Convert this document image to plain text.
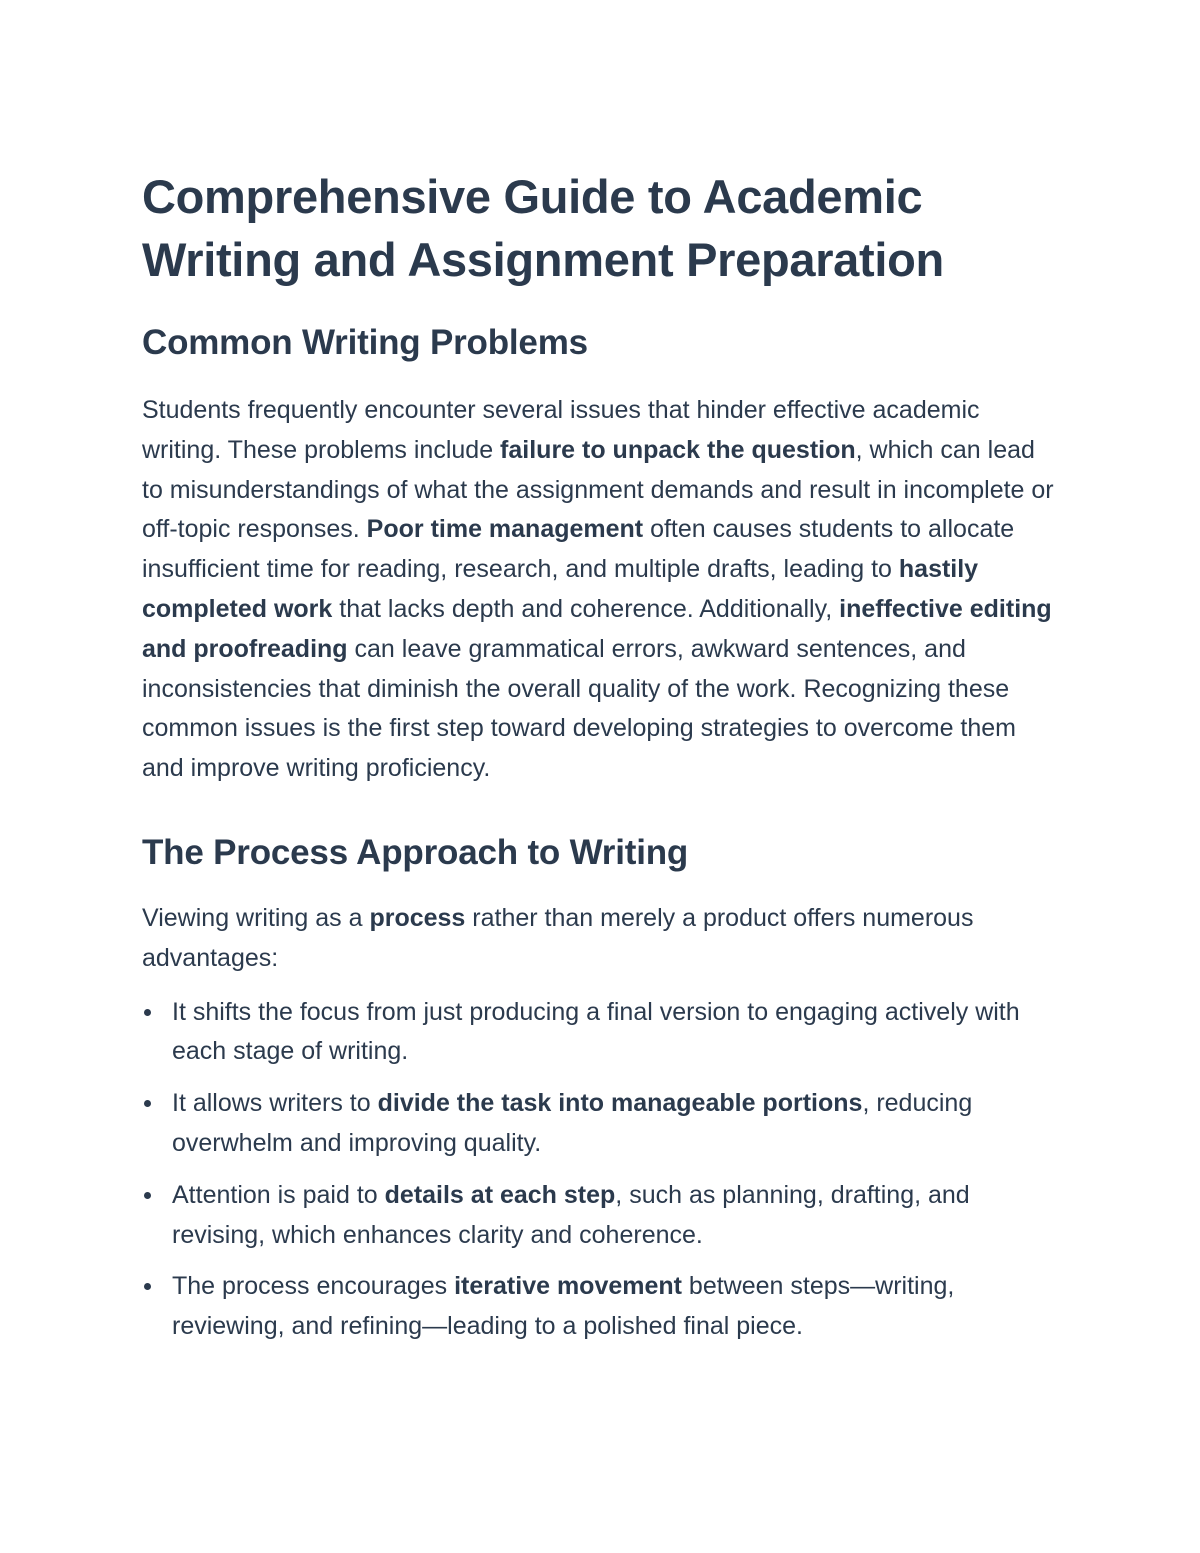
Comprehensive Guide to Academic Writing and Assignment Preparation
Common Writing Problems

Students frequently encounter several issues that hinder effective academic writing. These problems include failure to unpack the question, which can lead to misunderstandings of what the assignment demands and result in incomplete or off-topic responses. Poor time management often causes students to allocate insufficient time for reading, research, and multiple drafts, leading to hastily completed work that lacks depth and coherence. Additionally, ineffective editing and proofreading can leave grammatical errors, awkward sentences, and inconsistencies that diminish the overall quality of the work. Recognizing these common issues is the first step toward developing strategies to overcome them and improve writing proficiency.

The Process Approach to Writing

Viewing writing as a process rather than merely a product offers numerous advantages:

It shifts the focus from just producing a final version to engaging actively with each stage of writing.
It allows writers to divide the task into manageable portions, reducing overwhelm and improving quality.
Attention is paid to details at each step, such as planning, drafting, and revising, which enhances clarity and coherence.
The process encourages iterative movement between steps—writing, reviewing, and refining—leading to a polished final piece.
